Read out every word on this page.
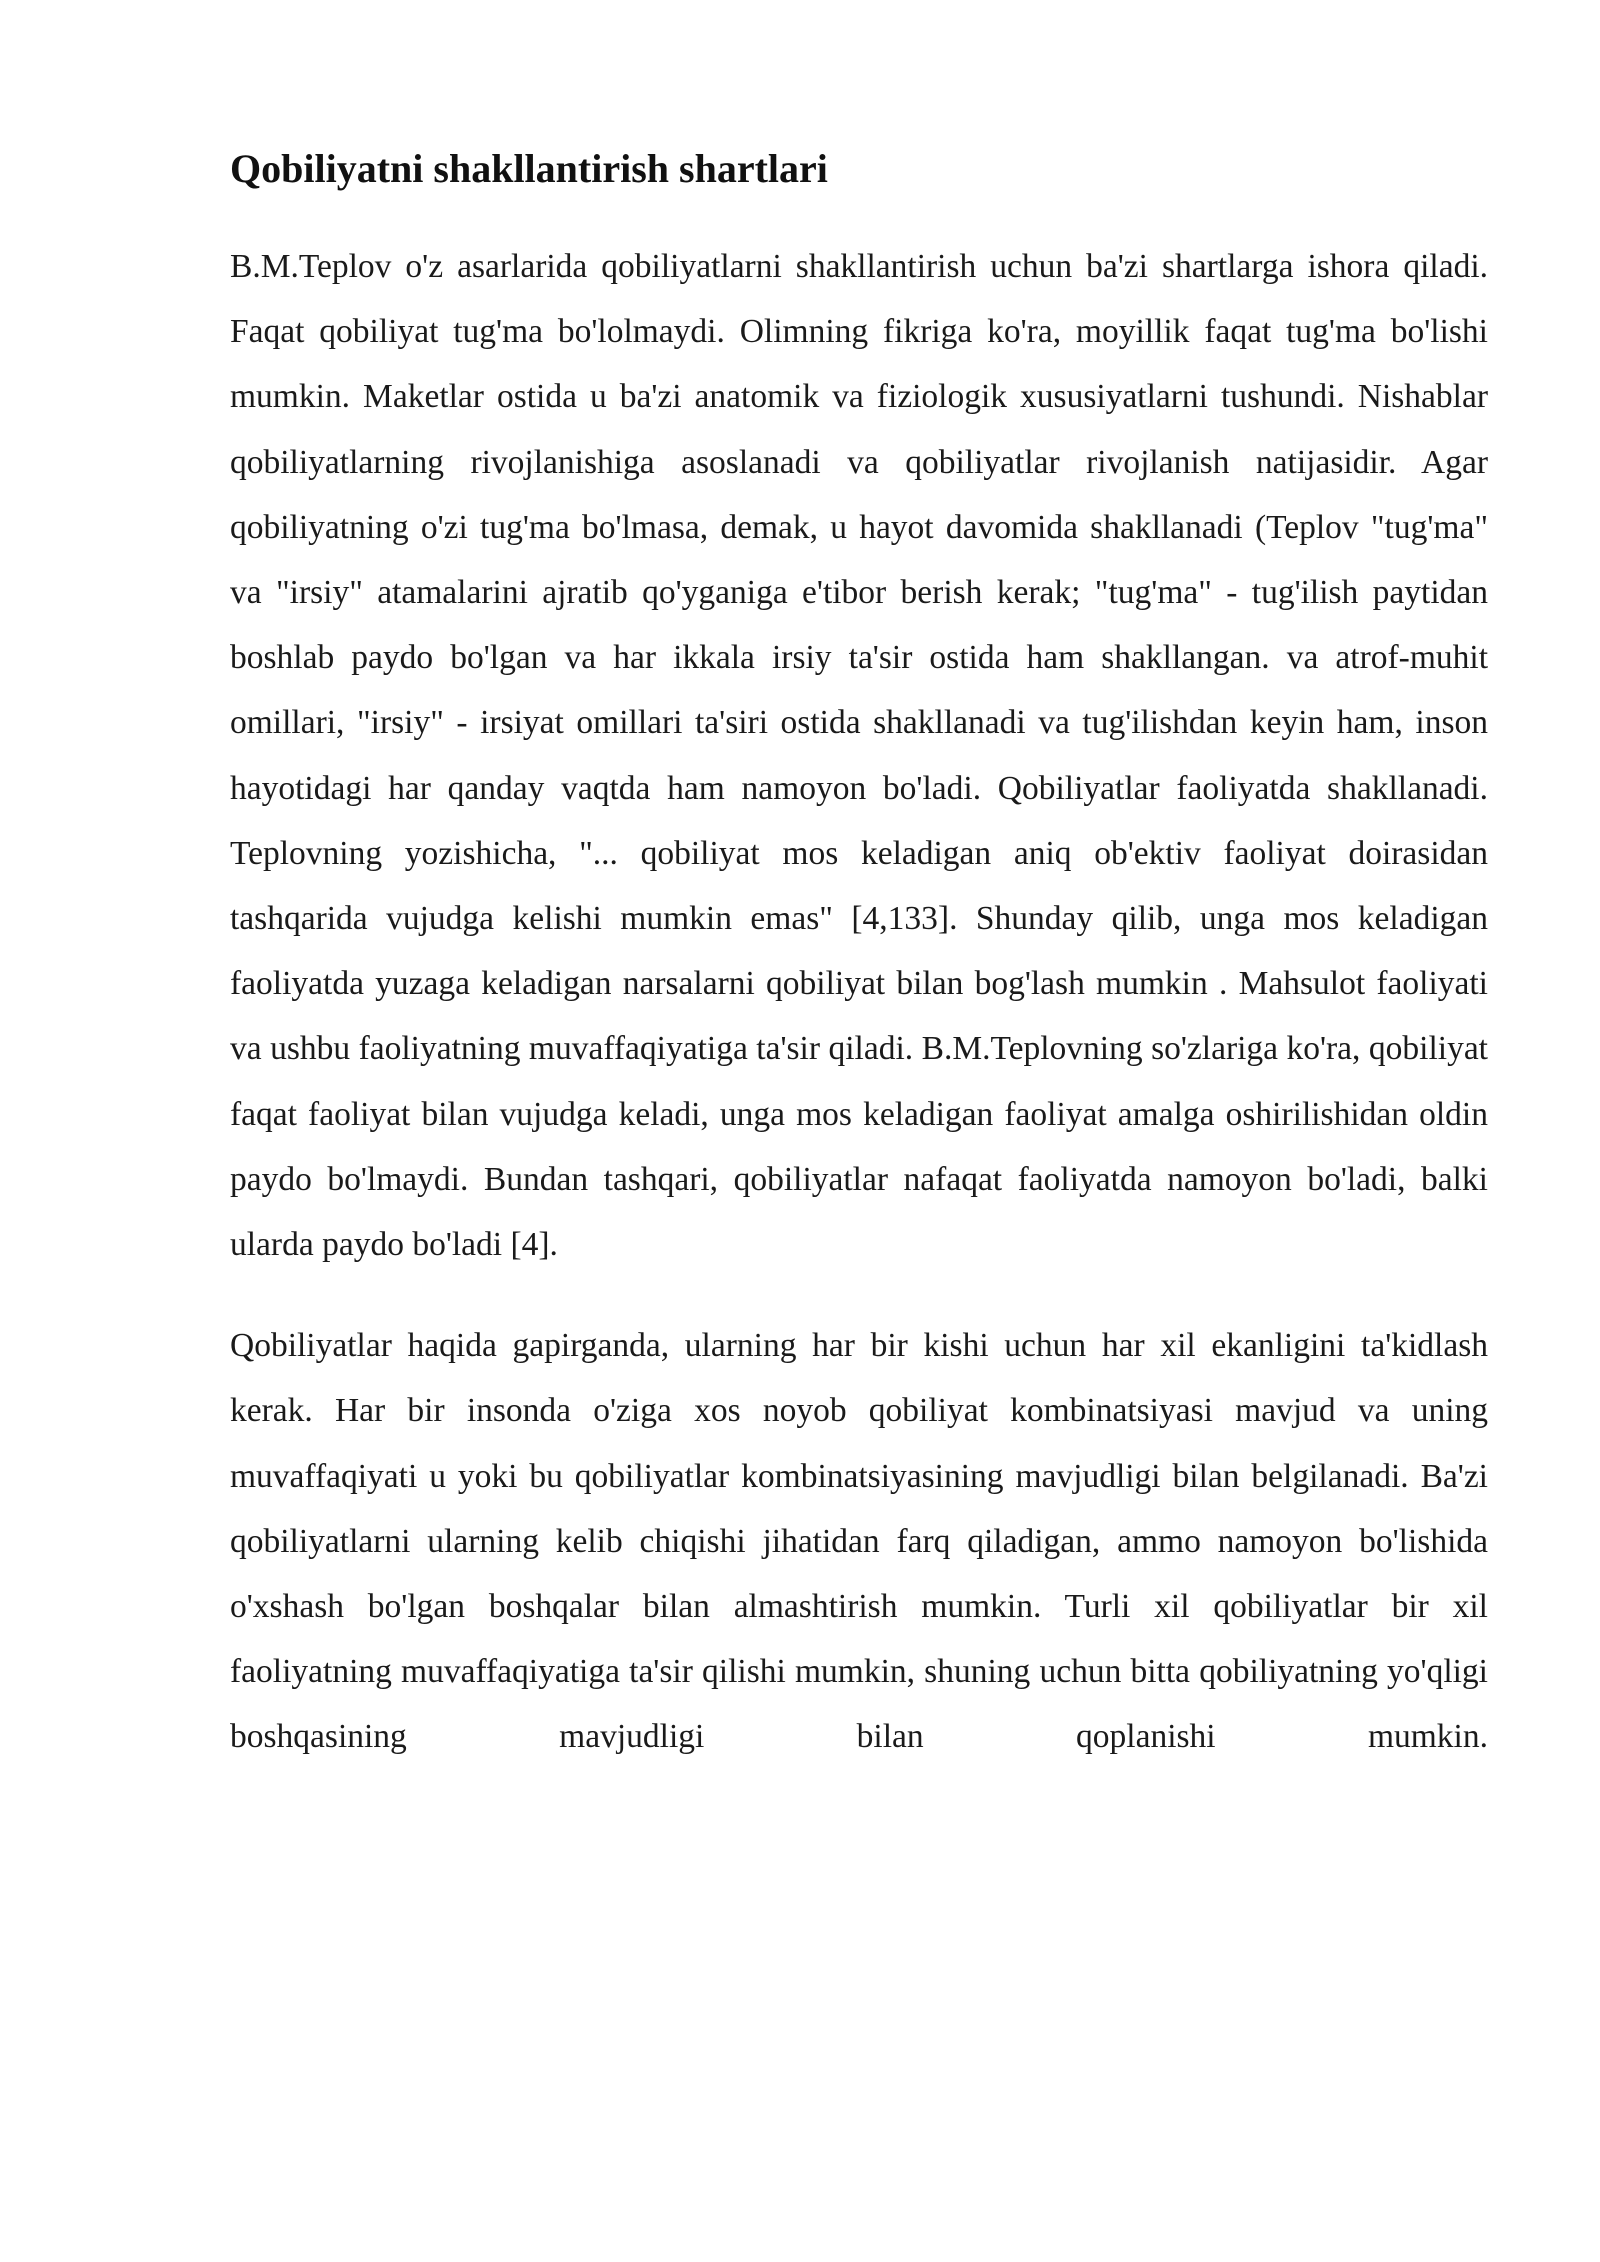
Qobiliyatni shakllantirish shartlari

B.M.Teplov o'z asarlarida qobiliyatlarni shakllantirish uchun ba'zi shartlarga ishora qiladi. Faqat qobiliyat tug'ma bo'lolmaydi. Olimning fikriga ko'ra, moyillik faqat tug'ma bo'lishi mumkin. Maketlar ostida u ba'zi anatomik va fiziologik xususiyatlarni tushundi. Nishablar qobiliyatlarning rivojlanishiga asoslanadi va qobiliyatlar rivojlanish natijasidir. Agar qobiliyatning o'zi tug'ma bo'lmasa, demak, u hayot davomida shakllanadi (Teplov "tug'ma" va "irsiy" atamalarini ajratib qo'yganiga e'tibor berish kerak; "tug'ma" - tug'ilish paytidan boshlab paydo bo'lgan va har ikkala irsiy ta'sir ostida ham shakllangan. va atrof-muhit omillari, "irsiy" - irsiyat omillari ta'siri ostida shakllanadi va tug'ilishdan keyin ham, inson hayotidagi har qanday vaqtda ham namoyon bo'ladi. Qobiliyatlar faoliyatda shakllanadi. Teplovning yozishicha, "... qobiliyat mos keladigan aniq ob'ektiv faoliyat doirasidan tashqarida vujudga kelishi mumkin emas" [4,133]. Shunday qilib, unga mos keladigan faoliyatda yuzaga keladigan narsalarni qobiliyat bilan bog'lash mumkin . Mahsulot faoliyati va ushbu faoliyatning muvaffaqiyatiga ta'sir qiladi. B.M.Teplovning so'zlariga ko'ra, qobiliyat faqat faoliyat bilan vujudga keladi, unga mos keladigan faoliyat amalga oshirilishidan oldin paydo bo'lmaydi. Bundan tashqari, qobiliyatlar nafaqat faoliyatda namoyon bo'ladi, balki ularda paydo bo'ladi [4].

Qobiliyatlar haqida gapirganda, ularning har bir kishi uchun har xil ekanligini ta'kidlash kerak. Har bir insonda o'ziga xos noyob qobiliyat kombinatsiyasi mavjud va uning muvaffaqiyati u yoki bu qobiliyatlar kombinatsiyasining mavjudligi bilan belgilanadi. Ba'zi qobiliyatlarni ularning kelib chiqishi jihatidan farq qiladigan, ammo namoyon bo'lishida o'xshash bo'lgan boshqalar bilan almashtirish mumkin. Turli xil qobiliyatlar bir xil faoliyatning muvaffaqiyatiga ta'sir qilishi mumkin, shuning uchun bitta qobiliyatning yo'qligi boshqasining mavjudligi bilan qoplanishi mumkin.
